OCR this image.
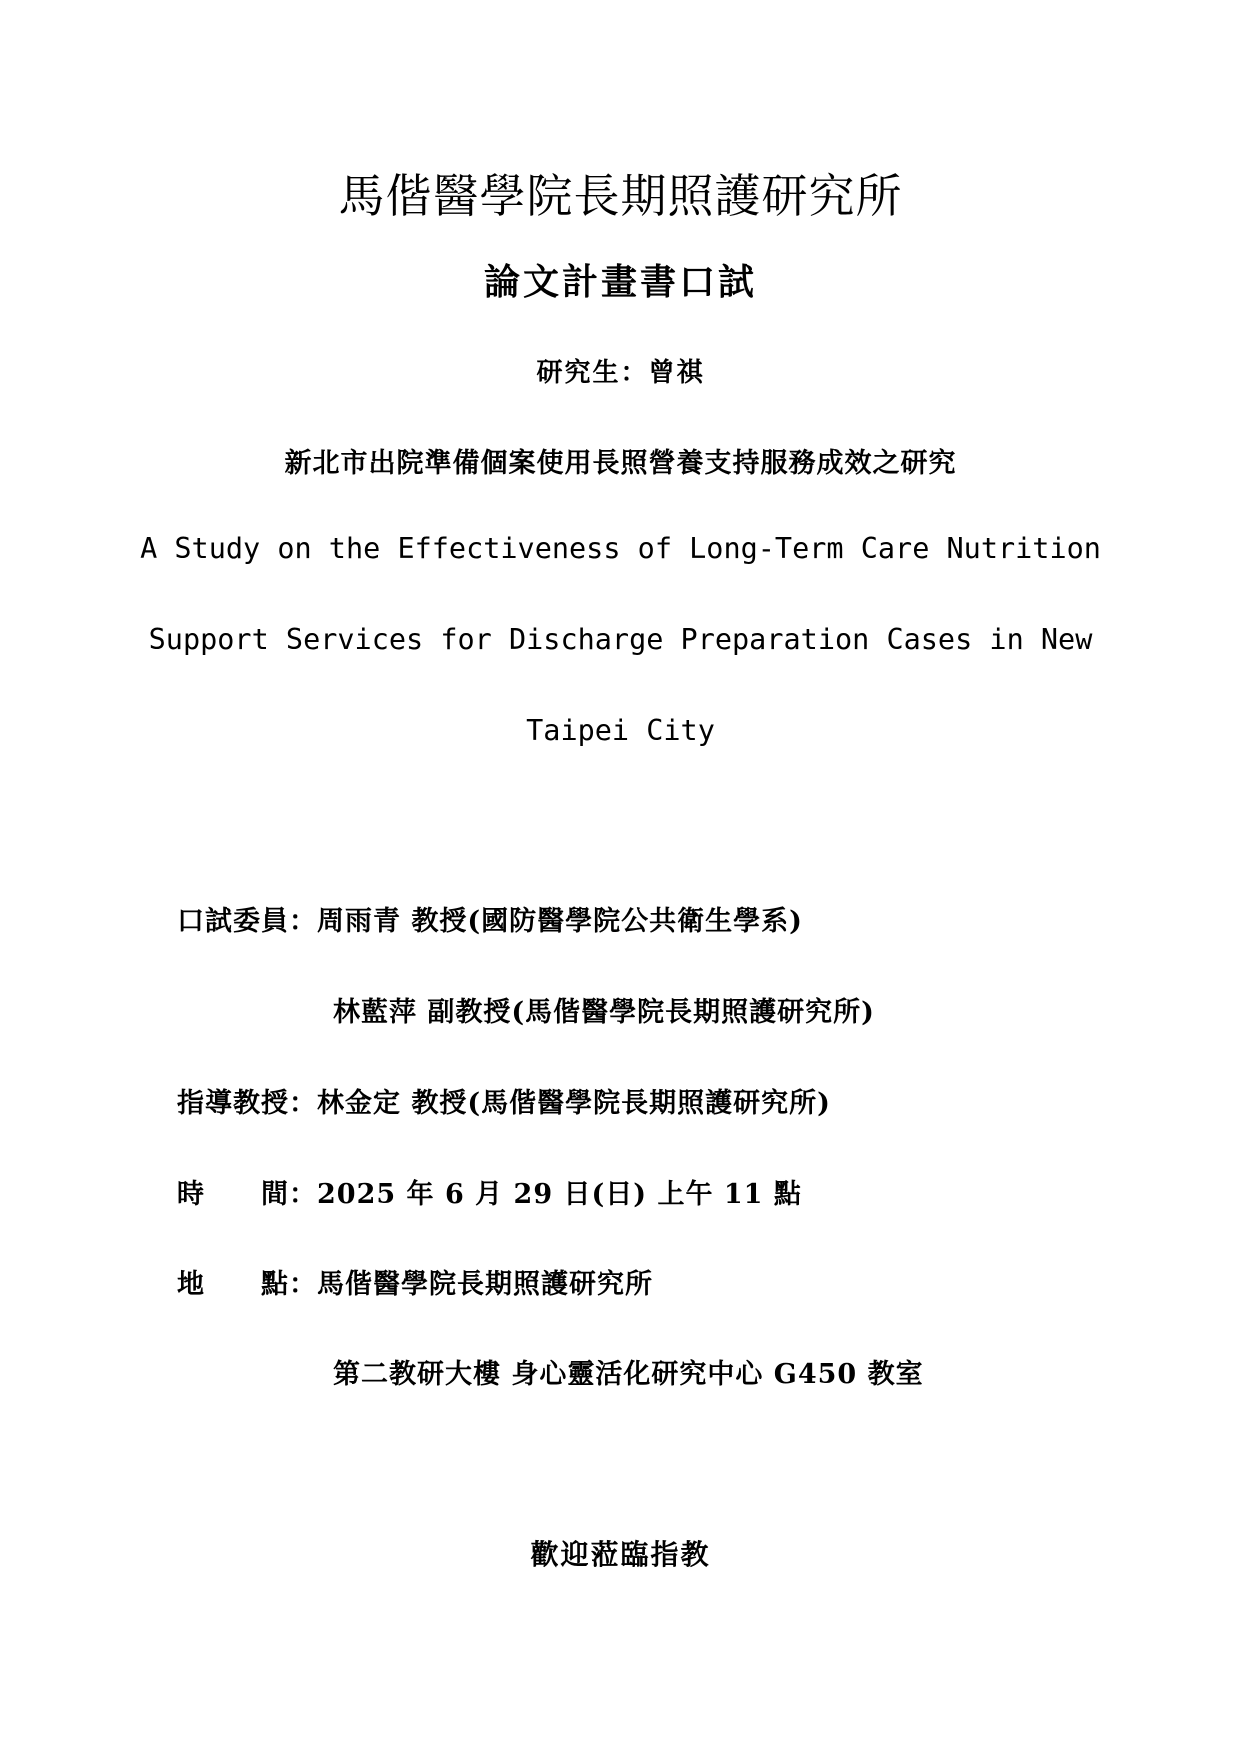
馬偕醫學院長期照護研究所
論文計畫書口試
研究生：曾祺
新北市出院準備個案使用長照營養支持服務成效之研究
A Study on the Effectiveness of Long-Term Care Nutrition
Support Services for Discharge Preparation Cases in New
Taipei City
口試委員：周雨青 教授(國防醫學院公共衛生學系)
林藍萍 副教授(馬偕醫學院長期照護研究所)
指導教授：林金定 教授(馬偕醫學院長期照護研究所)
時　　間：2025 年 6 月 29 日(日) 上午 11 點
地　　點：馬偕醫學院長期照護研究所
第二教研大樓 身心靈活化研究中心 G450 教室
歡迎蒞臨指教
